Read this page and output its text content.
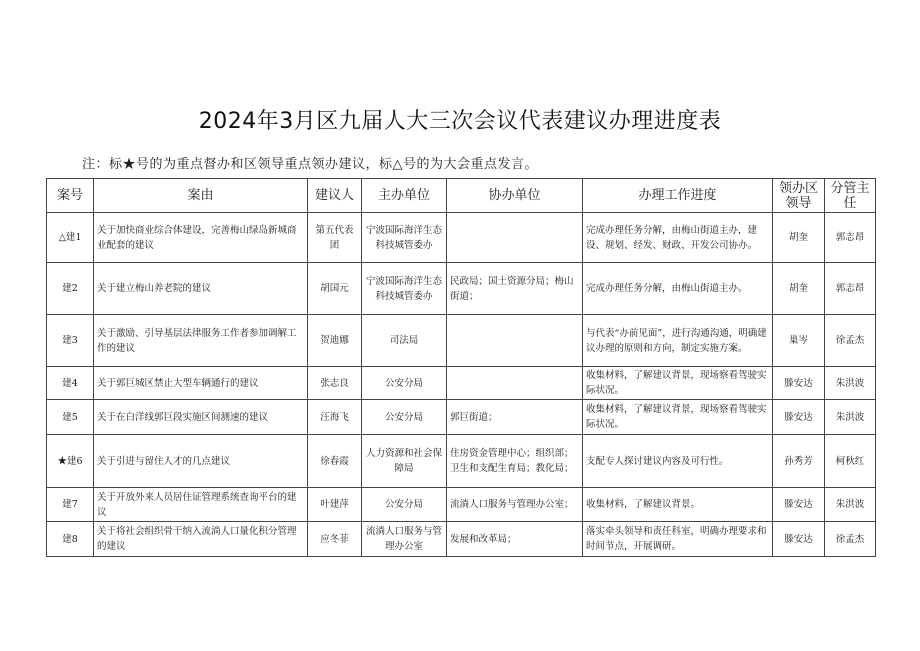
2024年3月区九届人大三次会议代表建议办理进度表
注：标★号的为重点督办和区领导重点领办建议，标△号的为大会重点发言。
案号	案由	建议人	主办单位	协办单位	办理工作进度	领办区领导	分管主任
△建1	关于加快商业综合体建设，完善梅山绿岛新城商业配套的建议	第五代表团	宁波国际海洋生态科技城管委办		完成办理任务分解，由梅山街道主办，建设、规划、经发、财政、开发公司协办。	胡奎	郭志昂
建2	关于建立梅山养老院的建议	胡国元	宁波国际海洋生态科技城管委办	民政局；国土资源分局；梅山街道；	完成办理任务分解，由梅山街道主办。	胡奎	郭志昂
建3	关于激励、引导基层法律服务工作者参加调解工作的建议	贺迪娜	司法局		与代表“办前见面”，进行沟通沟通，明确建议办理的原则和方向，制定实施方案。	巢岑	徐孟杰
建4	关于郭巨城区禁止大型车辆通行的建议	张志良	公安分局		收集材料，了解建议背景，现场察看驾驶实际状况。	滕安达	朱洪波
建5	关于在白洋线郭巨段实施区间测速的建议	汪海飞	公安分局	郭巨街道；	收集材料，了解建议背景，现场察看驾驶实际状况。	滕安达	朱洪波
★建6	关于引进与留住人才的几点建议	徐春霞	人力资源和社会保障局	住房资金管理中心；组织部；卫生和支配生育局；教化局；	支配专人探讨建议内容及可行性。	孙秀芳	柯秋红
建7	关于开放外来人员居住证管理系统查询平台的建议	叶建萍	公安分局	流淌人口服务与管理办公室；	收集材料，了解建议背景。	滕安达	朱洪波
建8	关于将社会组织骨干纳入流淌人口量化积分管理的建议	应冬菲	流淌人口服务与管理办公室	发展和改革局；	落实牵头领导和责任科室，明确办理要求和时间节点，开展调研。	滕安达	徐孟杰
